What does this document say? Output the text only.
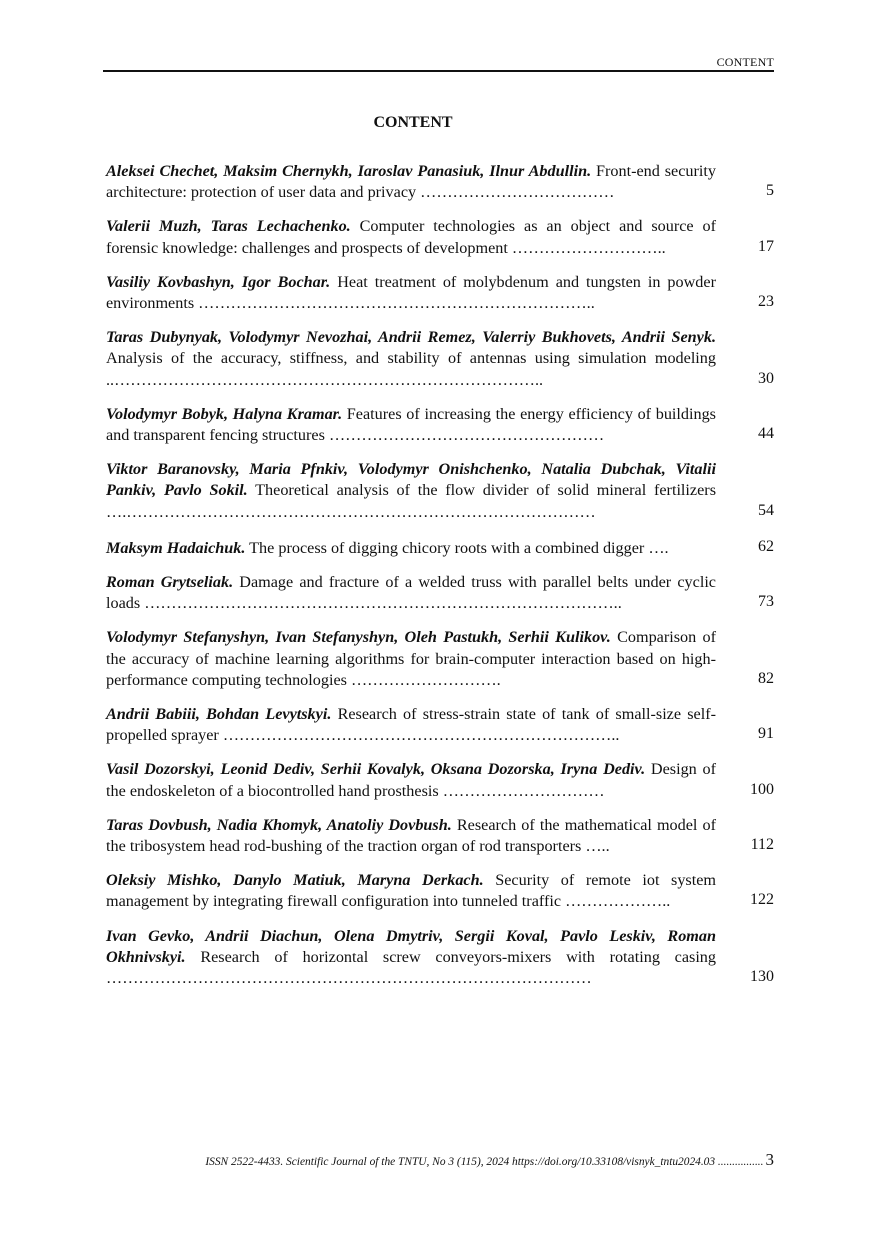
CONTENT
CONTENT
Aleksei Chechet, Maksim Chernykh, Iaroslav Panasiuk, Ilnur Abdullin. Front-end security architecture: protection of user data and privacy ………………………………	5
Valerii Muzh, Taras Lechachenko. Computer technologies as an object and source of forensic knowledge: challenges and prospects of development ………………………..	17
Vasiliy Kovbashyn, Igor Bochar. Heat treatment of molybdenum and tungsten in powder environments ………………………………………………………………..	23
Taras Dubynyak, Volodymyr Nevozhai, Andrii Remez, Valerriy Bukhovets, Andrii Senyk. Analysis of the accuracy, stiffness, and stability of antennas using simulation modeling ..……………………………………………………………………..	30
Volodymyr Bobyk, Halyna Kramar. Features of increasing the energy efficiency of buildings and transparent fencing structures ……………………………………………	44
Viktor Baranovsky, Maria Pfnkiv, Volodymyr Onishchenko, Natalia Dubchak, Vitalii Pankiv, Pavlo Sokil. Theoretical analysis of the flow divider of solid mineral fertilizers ….……………………………………………………………………………	54
Maksym Hadaichuk. The process of digging chicory roots with a combined digger ….	62
Roman Grytseliak. Damage and fracture of a welded truss with parallel belts under cyclic loads ……………………………………………………………………………..	73
Volodymyr Stefanyshyn, Ivan Stefanyshyn, Oleh Pastukh, Serhii Kulikov. Comparison of the accuracy of machine learning algorithms for brain-computer interaction based on high-performance computing technologies ……………………….	82
Andrii Babiii, Bohdan Levytskyi. Research of stress-strain state of tank of small-size self-propelled sprayer ………………………………………………………………..	91
Vasil Dozorskyi, Leonid Dediv, Serhii Kovalyk, Oksana Dozorska, Iryna Dediv. Design of the endoskeleton of a biocontrolled hand prosthesis …………………………	100
Taras Dovbush, Nadia Khomyk, Anatoliy Dovbush. Research of the mathematical model of the tribosystem head rod-bushing of the traction organ of rod transporters …..	112
Oleksiy Mishko, Danylo Matiuk, Maryna Derkach. Security of remote iot system management by integrating firewall configuration into tunneled traffic ………………..	122
Ivan Gevko, Andrii Diachun, Olena Dmytriv, Sergii Koval, Pavlo Leskiv, Roman Okhnivskyi. Research of horizontal screw conveyors-mixers with rotating casing ………………………………………………………………………………	130
ISSN 2522-4433. Scientific Journal of the TNTU, No 3 (115), 2024 https://doi.org/10.33108/visnyk_tntu2024.03 ................ 3
